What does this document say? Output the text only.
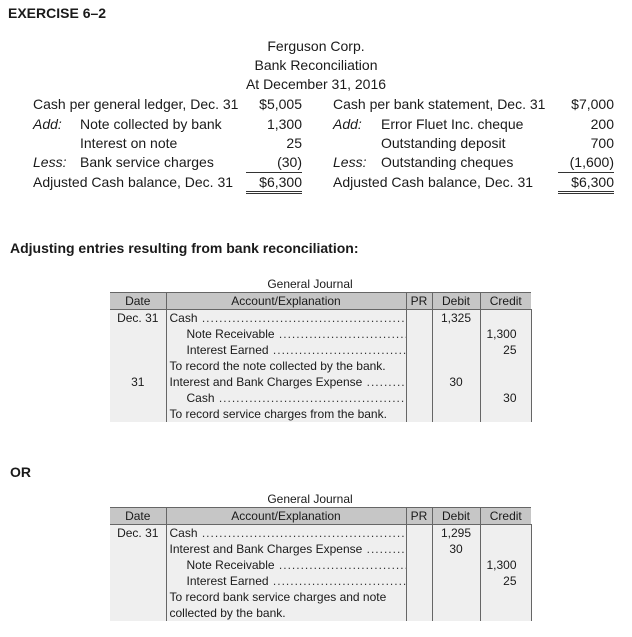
EXERCISE 6–2
Ferguson Corp.
Bank Reconciliation
At December 31, 2016
Cash per general ledger, Dec. 31	$5,005
Add: Note collected by bank	1,300
Interest on note	25
Less: Bank service charges	(30)
Adjusted Cash balance, Dec. 31	$6,300
Cash per bank statement, Dec. 31	$7,000
Add: Error Fluet Inc. cheque	200
Outstanding deposit	700
Less: Outstanding cheques	(1,600)
Adjusted Cash balance, Dec. 31	$6,300
Adjusting entries resulting from bank reconciliation:
	General Journal			
Date	Account/Explanation	PR	Debit	Credit
Dec. 31	Cash .....		1,325	
	Note Receivable .....			1,300
	Interest Earned .....			25
	To record the note collected by the bank.			
31	Interest and Bank Charges Expense .....		30	
	Cash .....			30
	To record service charges from the bank.			
OR
	General Journal			
Date	Account/Explanation	PR	Debit	Credit
Dec. 31	Cash .....		1,295	
	Interest and Bank Charges Expense .....		30	
	Note Receivable .....			1,300
	Interest Earned .....			25
	To record bank service charges and note			
	collected by the bank.			
